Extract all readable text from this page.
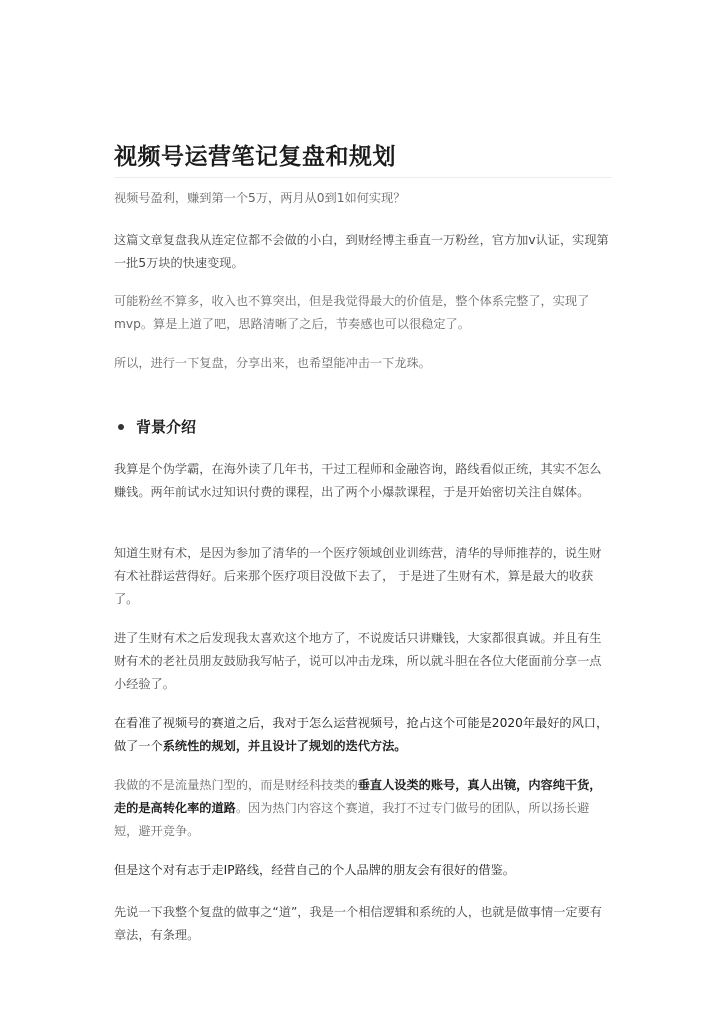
视频号运营笔记复盘和规划

视频号盈利，赚到第一个5万，两月从0到1如何实现？

这篇文章复盘我从连定位都不会做的小白，到财经博主垂直一万粉丝，官方加v认证，实现第一批5万块的快速变现。

可能粉丝不算多，收入也不算突出，但是我觉得最大的价值是，整个体系完整了，实现了mvp。算是上道了吧，思路清晰了之后，节奏感也可以很稳定了。

所以，进行一下复盘，分享出来，也希望能冲击一下龙珠。

背景介绍

我算是个伪学霸，在海外读了几年书，干过工程师和金融咨询，路线看似正统，其实不怎么赚钱。两年前试水过知识付费的课程，出了两个小爆款课程，于是开始密切关注自媒体。

知道生财有术，是因为参加了清华的一个医疗领域创业训练营，清华的导师推荐的，说生财有术社群运营得好。后来那个医疗项目没做下去了， 于是进了生财有术，算是最大的收获了。

进了生财有术之后发现我太喜欢这个地方了，不说废话只讲赚钱，大家都很真诚。并且有生财有术的老社员朋友鼓励我写帖子，说可以冲击龙珠，所以就斗胆在各位大佬面前分享一点小经验了。

在看准了视频号的赛道之后，我对于怎么运营视频号，抢占这个可能是2020年最好的风口，做了一个系统性的规划，并且设计了规划的迭代方法。

我做的不是流量热门型的，而是财经科技类的垂直人设类的账号，真人出镜，内容纯干货，走的是高转化率的道路。因为热门内容这个赛道，我打不过专门做号的团队，所以扬长避短，避开竞争。

但是这个对有志于走IP路线，经营自己的个人品牌的朋友会有很好的借鉴。

先说一下我整个复盘的做事之“道”，我是一个相信逻辑和系统的人，也就是做事情一定要有章法，有条理。
